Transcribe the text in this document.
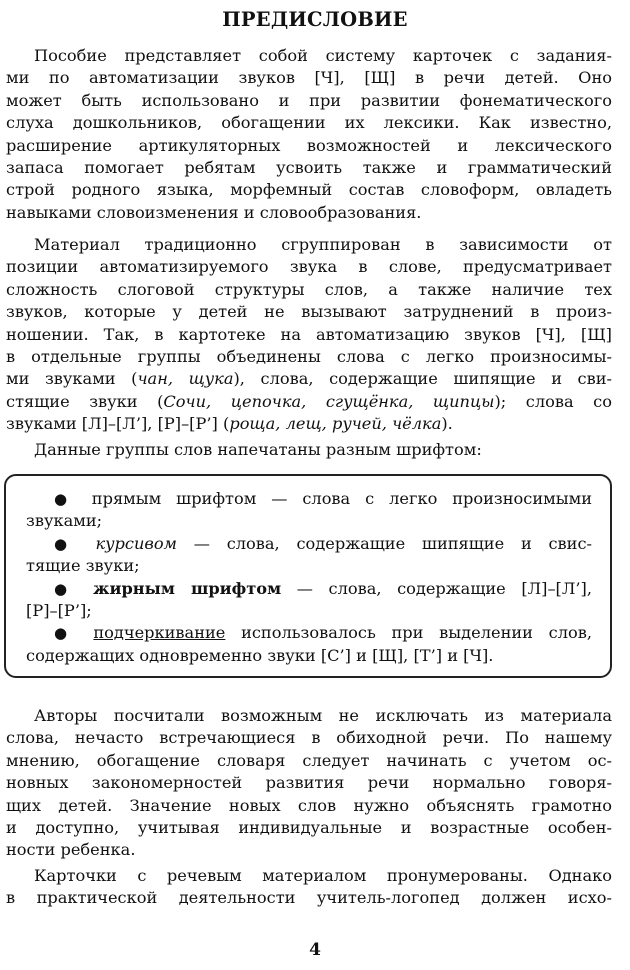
ПРЕДИСЛОВИЕ
Пособие представляет собой систему карточек с задания-
ми по автоматизации звуков [Ч], [Щ] в речи детей. Оно
может быть использовано и при развитии фонематического
слуха дошкольников, обогащении их лексики. Как известно,
расширение артикуляторных возможностей и лексического
запаса помогает ребятам усвоить также и грамматический
строй родного языка, морфемный состав словоформ, овладеть
навыками словоизменения и словообразования.
Материал традиционно сгруппирован в зависимости от
позиции автоматизируемого звука в слове, предусматривает
сложность слоговой структуры слов, а также наличие тех
звуков, которые у детей не вызывают затруднений в произ-
ношении. Так, в картотеке на автоматизацию звуков [Ч], [Щ]
в отдельные группы объединены слова с легко произносимы-
ми звуками (чан, щука), слова, содержащие шипящие и сви-
стящие звуки (Сочи, цепочка, сгущёнка, щипцы); слова со
звуками [Л]–[Л’], [Р]–[Р’] (роща, лещ, ручей, чёлка).
Данные группы слов напечатаны разным шрифтом:
● прямым шрифтом — слова с легко произносимыми
звуками;
● курсивом — слова, содержащие шипящие и свис-
тящие звуки;
● жирным шрифтом — слова, содержащие [Л]–[Л’],
[Р]–[Р’];
● подчеркивание использовалось при выделении слов,
содержащих одновременно звуки [С’] и [Щ], [Т’] и [Ч].
Авторы посчитали возможным не исключать из материала
слова, нечасто встречающиеся в обиходной речи. По нашему
мнению, обогащение словаря следует начинать с учетом ос-
новных закономерностей развития речи нормально говоря-
щих детей. Значение новых слов нужно объяснять грамотно
и доступно, учитывая индивидуальные и возрастные особен-
ности ребенка.
Карточки с речевым материалом пронумерованы. Однако
в практической деятельности учитель-логопед должен исхо-
4
